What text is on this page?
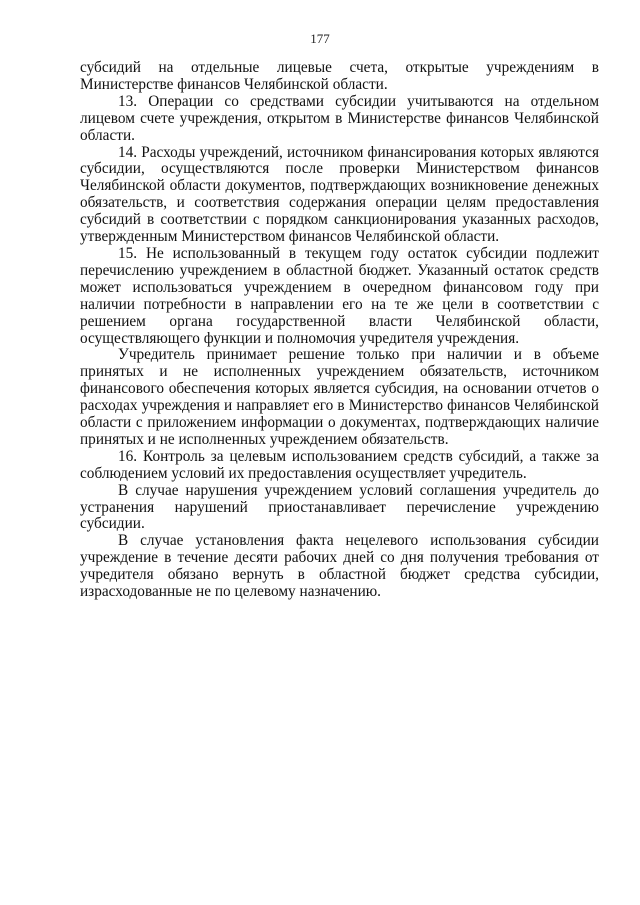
177

субсидий на отдельные лицевые счета, открытые учреждениям в Министерстве финансов Челябинской области.

13. Операции со средствами субсидии учитываются на отдельном лицевом счете учреждения, открытом в Министерстве финансов Челябинской области.

14. Расходы учреждений, источником финансирования которых являются субсидии, осуществляются после проверки Министерством финансов Челябинской области документов, подтверждающих возникновение денежных обязательств, и соответствия содержания операции целям предоставления субсидий в соответствии с порядком санкционирования указанных расходов, утвержденным Министерством финансов Челябинской области.

15. Не использованный в текущем году остаток субсидии подлежит перечислению учреждением в областной бюджет. Указанный остаток средств может использоваться учреждением в очередном финансовом году при наличии потребности в направлении его на те же цели в соответствии с решением органа государственной власти Челябинской области, осуществляющего функции и полномочия учредителя учреждения.

Учредитель принимает решение только при наличии и в объеме принятых и не исполненных учреждением обязательств, источником финансового обеспечения которых является субсидия, на основании отчетов о расходах учреждения и направляет его в Министерство финансов Челябинской области с приложением информации о документах, подтверждающих наличие принятых и не исполненных учреждением обязательств.

16. Контроль за целевым использованием средств субсидий, а также за соблюдением условий их предоставления осуществляет учредитель.

В случае нарушения учреждением условий соглашения учредитель до устранения нарушений приостанавливает перечисление учреждению субсидии.

В случае установления факта нецелевого использования субсидии учреждение в течение десяти рабочих дней со дня получения требования от учредителя обязано вернуть в областной бюджет средства субсидии, израсходованные не по целевому назначению.
